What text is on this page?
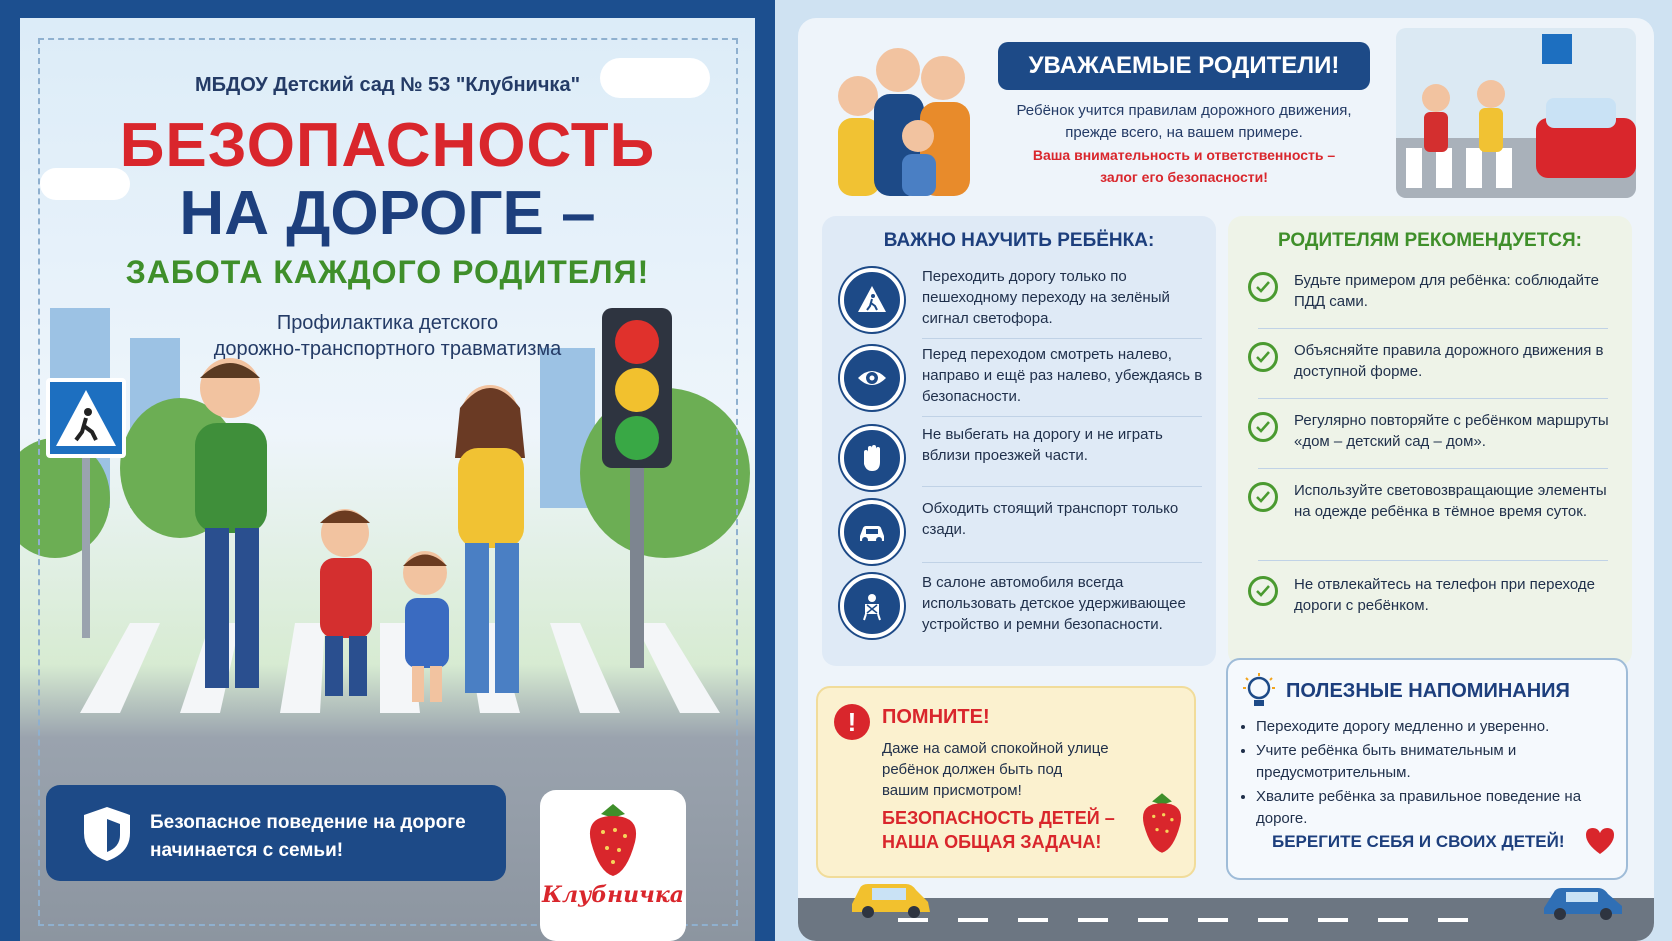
МБДОУ Детский сад № 53 "Клубничка"
БЕЗОПАСНОСТЬ
НА ДОРОГЕ –
ЗАБОТА КАЖДОГО РОДИТЕЛЯ!
Профилактика детского
дорожно-транспортного травматизма
Безопасное поведение на дороге
начинается с семьи!
Клубничка
УВАЖАЕМЫЕ РОДИТЕЛИ!
Ребёнок учится правилам дорожного движения,
прежде всего, на вашем примере.
Ваша внимательность и ответственность –
залог его безопасности!
ВАЖНО НАУЧИТЬ РЕБЁНКА:
Переходить дорогу только по пешеходному переходу на зелёный сигнал светофора.
Перед переходом смотреть налево, направо и ещё раз налево, убеждаясь в безопасности.
Не выбегать на дорогу и не играть вблизи проезжей части.
Обходить стоящий транспорт только сзади.
В салоне автомобиля всегда использовать детское удерживающее устройство и ремни безопасности.
РОДИТЕЛЯМ РЕКОМЕНДУЕТСЯ:
Будьте примером для ребёнка: соблюдайте ПДД сами.
Объясняйте правила дорожного движения в доступной форме.
Регулярно повторяйте с ребёнком маршруты «дом – детский сад – дом».
Используйте световозвращающие элементы на одежде ребёнка в тёмное время суток.
Не отвлекайтесь на телефон при переходе дороги с ребёнком.
!	ПОМНИТЕ!
Даже на самой спокойной улице ребёнок должен быть под вашим присмотром!
БЕЗОПАСНОСТЬ ДЕТЕЙ –
НАША ОБЩАЯ ЗАДАЧА!
ПОЛЕЗНЫЕ НАПОМИНАНИЯ
• Переходите дорогу медленно и уверенно.
• Учите ребёнка быть внимательным и предусмотрительным.
• Хвалите ребёнка за правильное поведение на дороге.
БЕРЕГИТЕ СЕБЯ И СВОИХ ДЕТЕЙ!
